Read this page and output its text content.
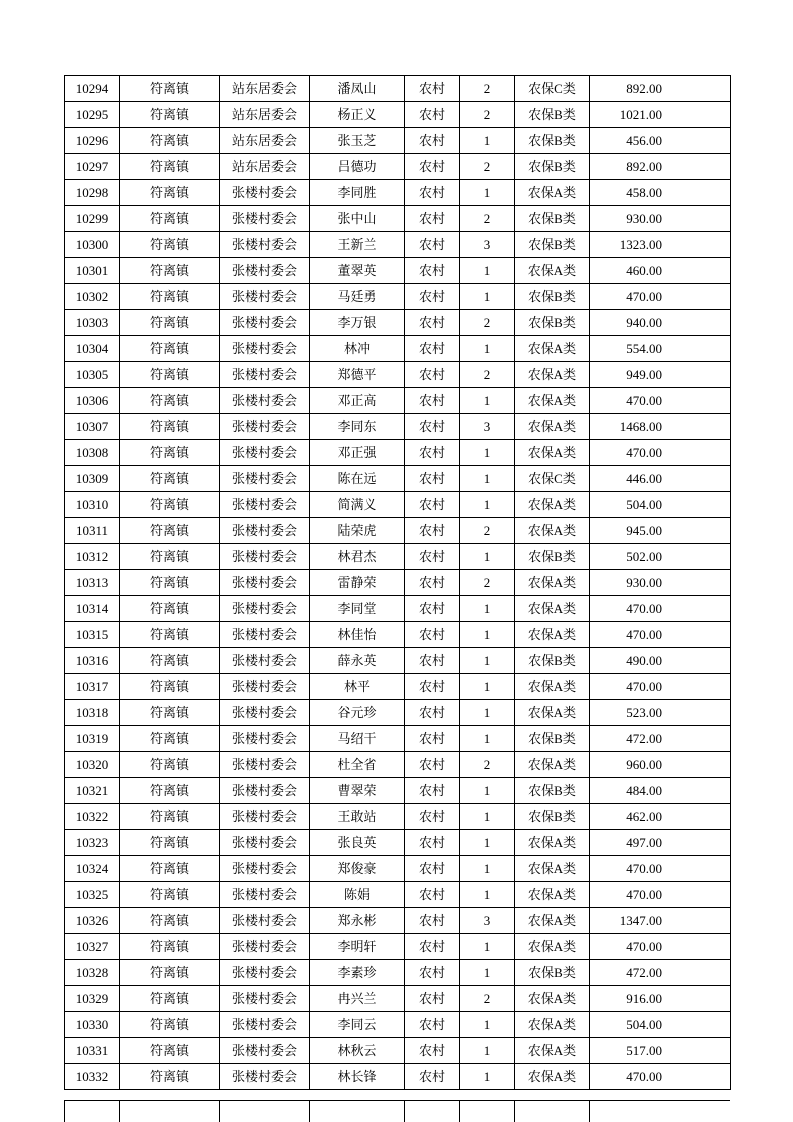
10294	符离镇	站东居委会	潘凤山	农村	2	农保C类	892.00
10295	符离镇	站东居委会	杨正义	农村	2	农保B类	1021.00
10296	符离镇	站东居委会	张玉芝	农村	1	农保B类	456.00
10297	符离镇	站东居委会	吕德功	农村	2	农保B类	892.00
10298	符离镇	张楼村委会	李同胜	农村	1	农保A类	458.00
10299	符离镇	张楼村委会	张中山	农村	2	农保B类	930.00
10300	符离镇	张楼村委会	王新兰	农村	3	农保B类	1323.00
10301	符离镇	张楼村委会	董翠英	农村	1	农保A类	460.00
10302	符离镇	张楼村委会	马廷勇	农村	1	农保B类	470.00
10303	符离镇	张楼村委会	李万银	农村	2	农保B类	940.00
10304	符离镇	张楼村委会	林冲	农村	1	农保A类	554.00
10305	符离镇	张楼村委会	郑德平	农村	2	农保A类	949.00
10306	符离镇	张楼村委会	邓正高	农村	1	农保A类	470.00
10307	符离镇	张楼村委会	李同东	农村	3	农保A类	1468.00
10308	符离镇	张楼村委会	邓正强	农村	1	农保A类	470.00
10309	符离镇	张楼村委会	陈在远	农村	1	农保C类	446.00
10310	符离镇	张楼村委会	简满义	农村	1	农保A类	504.00
10311	符离镇	张楼村委会	陆荣虎	农村	2	农保A类	945.00
10312	符离镇	张楼村委会	林君杰	农村	1	农保B类	502.00
10313	符离镇	张楼村委会	雷静荣	农村	2	农保A类	930.00
10314	符离镇	张楼村委会	李同堂	农村	1	农保A类	470.00
10315	符离镇	张楼村委会	林佳怡	农村	1	农保A类	470.00
10316	符离镇	张楼村委会	薛永英	农村	1	农保B类	490.00
10317	符离镇	张楼村委会	林平	农村	1	农保A类	470.00
10318	符离镇	张楼村委会	谷元珍	农村	1	农保A类	523.00
10319	符离镇	张楼村委会	马绍干	农村	1	农保B类	472.00
10320	符离镇	张楼村委会	杜全省	农村	2	农保A类	960.00
10321	符离镇	张楼村委会	曹翠荣	农村	1	农保B类	484.00
10322	符离镇	张楼村委会	王敢站	农村	1	农保B类	462.00
10323	符离镇	张楼村委会	张良英	农村	1	农保A类	497.00
10324	符离镇	张楼村委会	郑俊豪	农村	1	农保A类	470.00
10325	符离镇	张楼村委会	陈娟	农村	1	农保A类	470.00
10326	符离镇	张楼村委会	郑永彬	农村	3	农保A类	1347.00
10327	符离镇	张楼村委会	李明轩	农村	1	农保A类	470.00
10328	符离镇	张楼村委会	李素珍	农村	1	农保B类	472.00
10329	符离镇	张楼村委会	冉兴兰	农村	2	农保A类	916.00
10330	符离镇	张楼村委会	李同云	农村	1	农保A类	504.00
10331	符离镇	张楼村委会	林秋云	农村	1	农保A类	517.00
10332	符离镇	张楼村委会	林长锋	农村	1	农保A类	470.00
